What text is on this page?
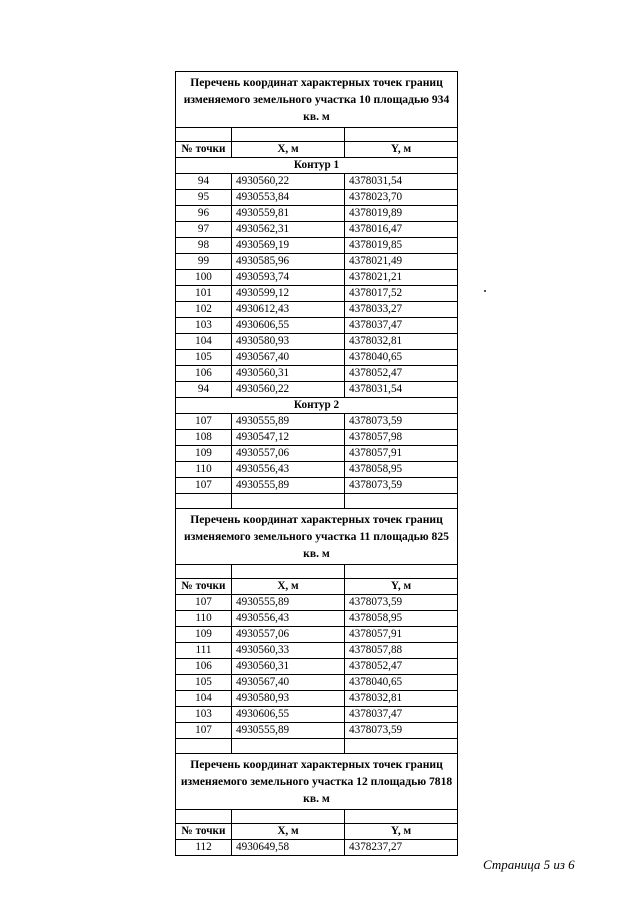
Перечень координат характерных точек границ изменяемого земельного участка 10 площадью 934 кв. м		

№ точки	X, м	Y, м
Контур 1		
94	4930560,22	4378031,54
95	4930553,84	4378023,70
96	4930559,81	4378019,89
97	4930562,31	4378016,47
98	4930569,19	4378019,85
99	4930585,96	4378021,49
100	4930593,74	4378021,21
101	4930599,12	4378017,52
102	4930612,43	4378033,27
103	4930606,55	4378037,47
104	4930580,93	4378032,81
105	4930567,40	4378040,65
106	4930560,31	4378052,47
94	4930560,22	4378031,54
Контур 2		
107	4930555,89	4378073,59
108	4930547,12	4378057,98
109	4930557,06	4378057,91
110	4930556,43	4378058,95
107	4930555,89	4378073,59

Перечень координат характерных точек границ изменяемого земельного участка 11 площадью 825 кв. м		

№ точки	X, м	Y, м
107	4930555,89	4378073,59
110	4930556,43	4378058,95
109	4930557,06	4378057,91
111	4930560,33	4378057,88
106	4930560,31	4378052,47
105	4930567,40	4378040,65
104	4930580,93	4378032,81
103	4930606,55	4378037,47
107	4930555,89	4378073,59

Перечень координат характерных точек границ изменяемого земельного участка 12 площадью 7818 кв. м		

№ точки	X, м	Y, м
112	4930649,58	4378237,27
Страница 5 из 6
